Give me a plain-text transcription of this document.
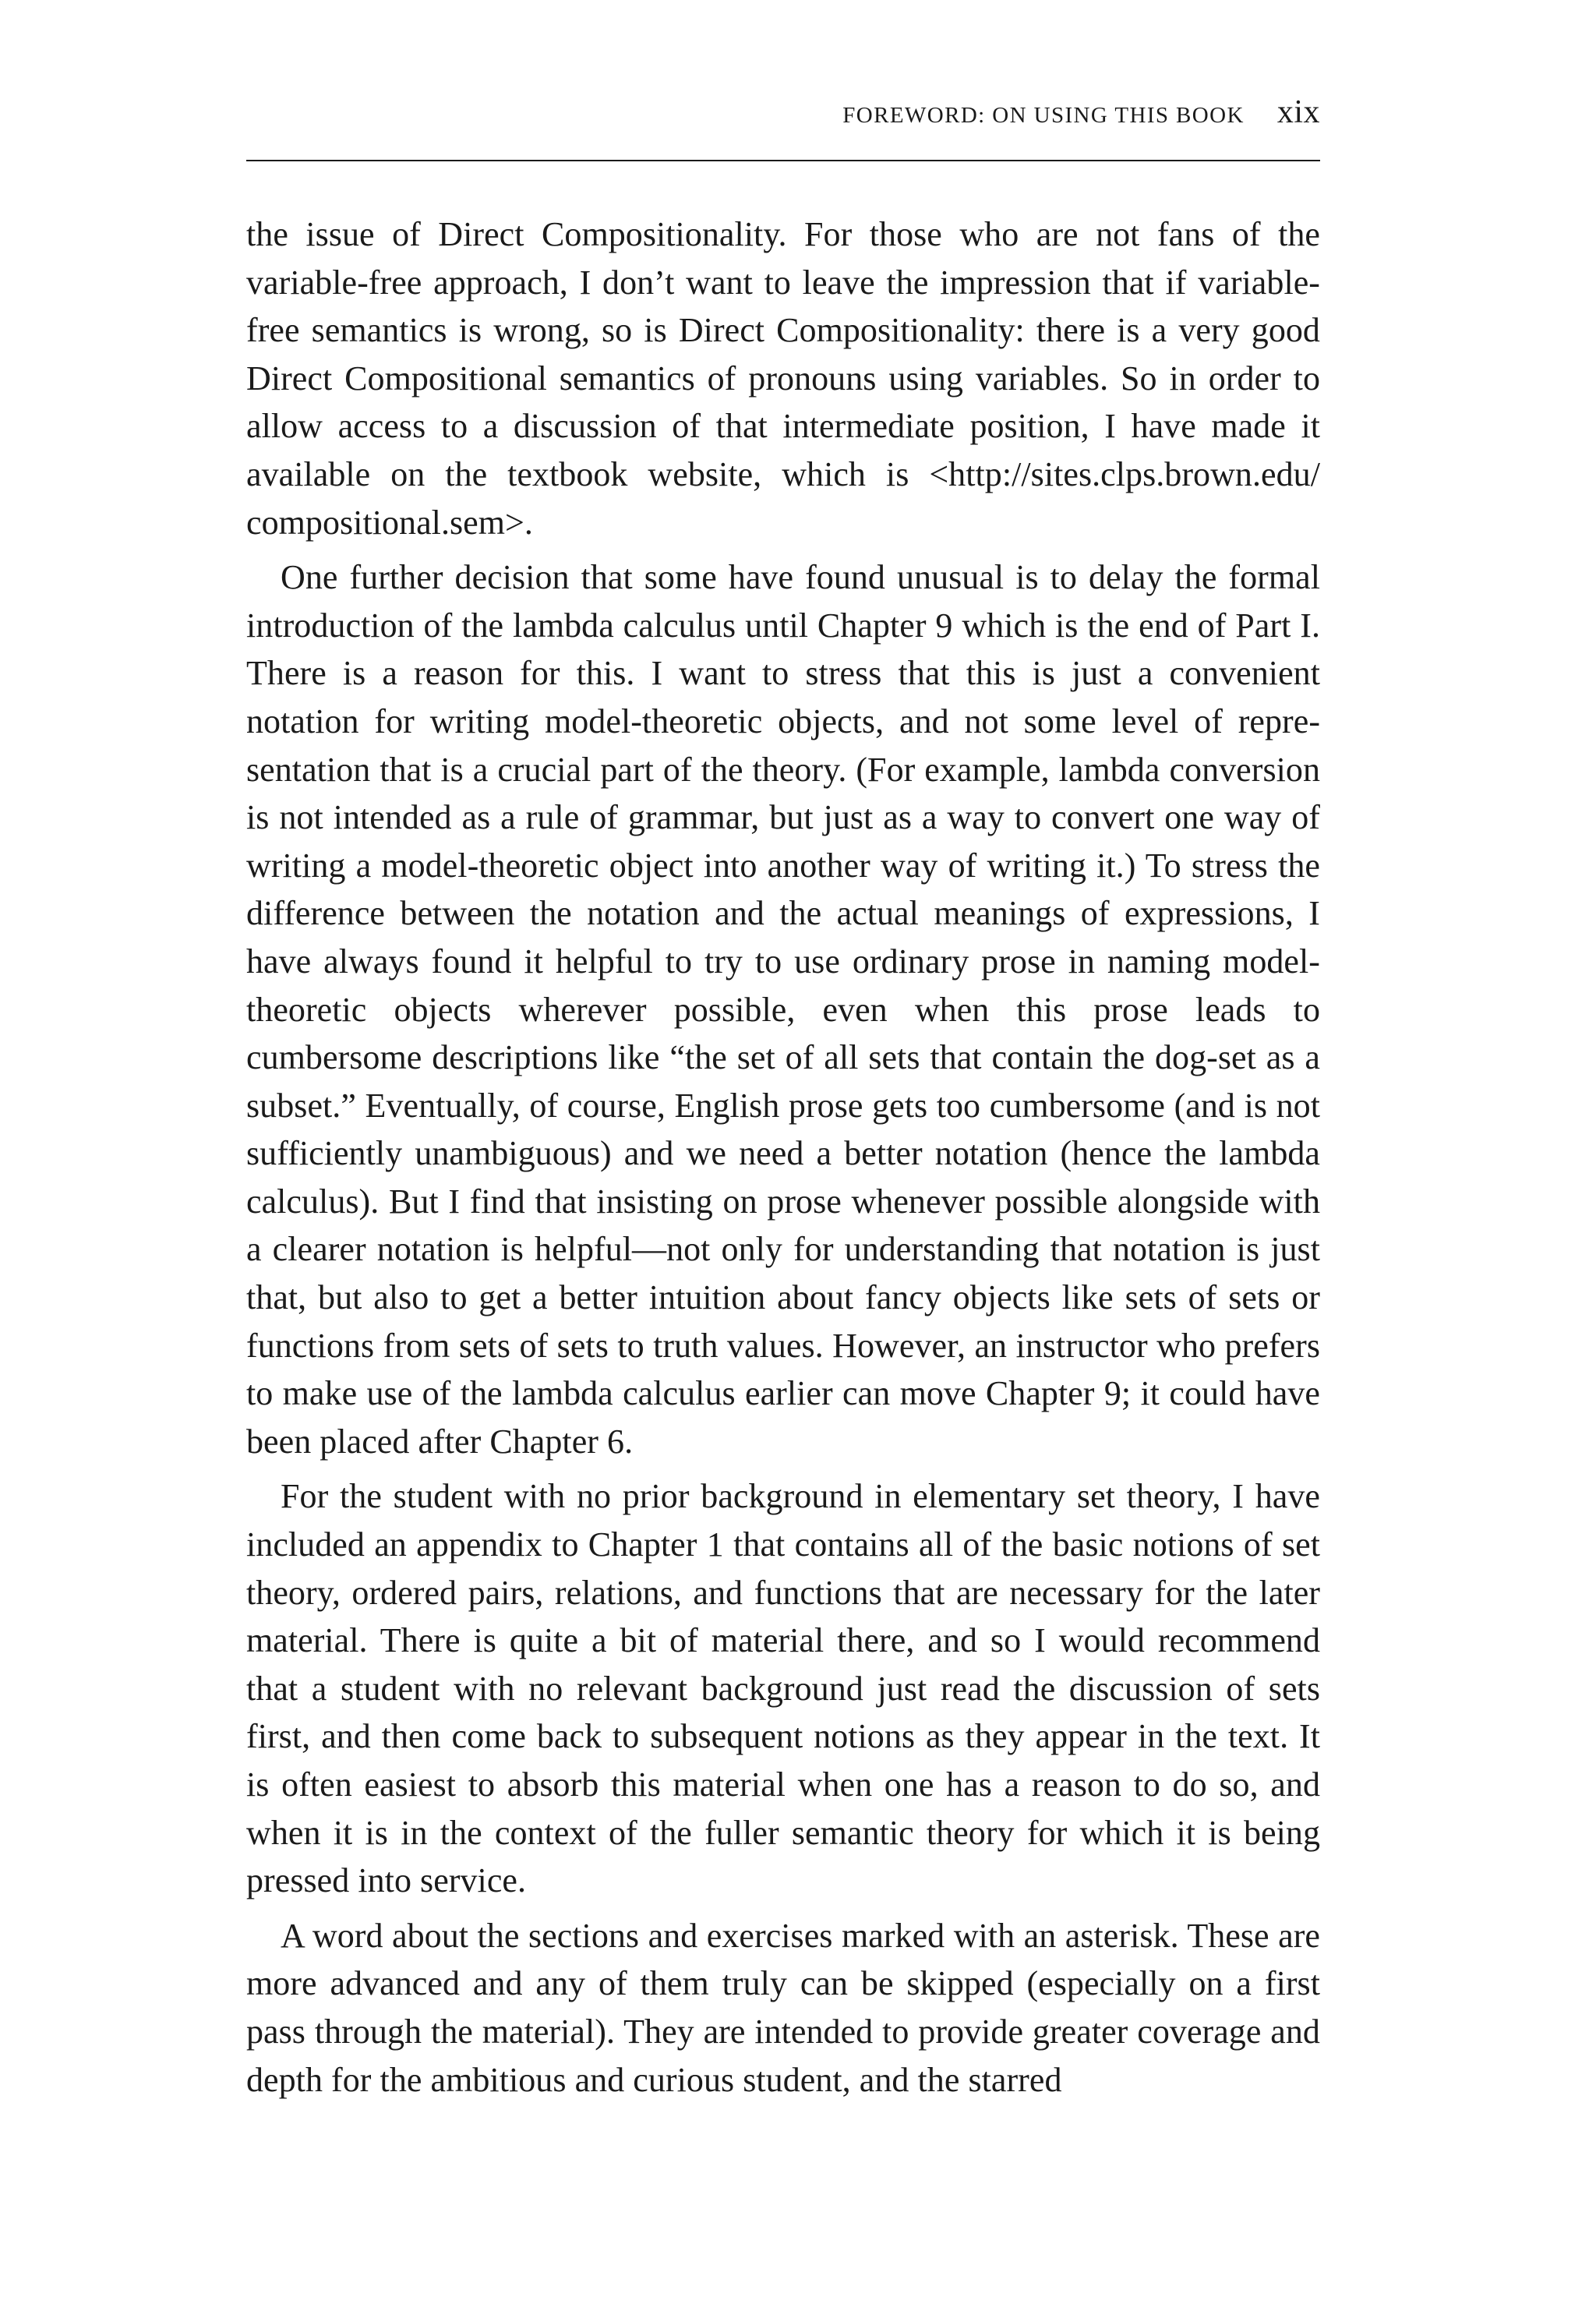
FOREWORD: ON USING THIS BOOK xix

the issue of Direct Compositionality. For those who are not fans of the variable-free approach, I don’t want to leave the impression that if variable-free semantics is wrong, so is Direct Compositionality: there is a very good Direct Compositional semantics of pronouns using variables. So in order to allow access to a discussion of that intermediate position, I have made it available on the textbook website, which is <http://sites.clps.brown.edu/ compositional.sem>.

One further decision that some have found unusual is to delay the formal introduction of the lambda calculus until Chapter 9 which is the end of Part I. There is a reason for this. I want to stress that this is just a convenient notation for writing model-theoretic objects, and not some level of representation that is a crucial part of the theory. (For example, lambda conversion is not intended as a rule of grammar, but just as a way to convert one way of writing a model-theoretic object into another way of writing it.) To stress the difference between the notation and the actual meanings of expressions, I have always found it helpful to try to use ordinary prose in naming model-theoretic objects wherever possible, even when this prose leads to cumbersome descriptions like “the set of all sets that contain the dog-set as a subset.” Eventually, of course, English prose gets too cumbersome (and is not sufficiently unambiguous) and we need a better notation (hence the lambda calculus). But I find that insisting on prose whenever possible alongside with a clearer notation is helpful—not only for understanding that notation is just that, but also to get a better intuition about fancy objects like sets of sets or functions from sets of sets to truth values. However, an instructor who prefers to make use of the lambda calculus earlier can move Chapter 9; it could have been placed after Chapter 6.

For the student with no prior background in elementary set theory, I have included an appendix to Chapter 1 that contains all of the basic notions of set theory, ordered pairs, relations, and functions that are necessary for the later material. There is quite a bit of material there, and so I would recommend that a student with no relevant background just read the discussion of sets first, and then come back to subsequent notions as they appear in the text. It is often easiest to absorb this material when one has a reason to do so, and when it is in the context of the fuller semantic theory for which it is being pressed into service.

A word about the sections and exercises marked with an asterisk. These are more advanced and any of them truly can be skipped (especially on a first pass through the material). They are intended to provide greater coverage and depth for the ambitious and curious student, and the starred
